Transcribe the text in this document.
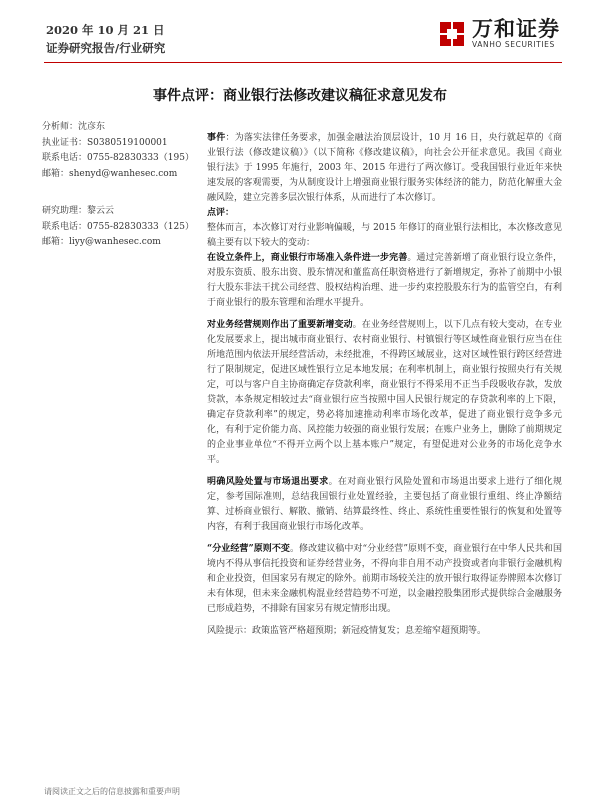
2020 年 10 月 21 日
证券研究报告/行业研究
万和证券
VANHO SECURITIES
事件点评：商业银行法修改建议稿征求意见发布
分析师：沈彦东
执业证书：S0380519100001
联系电话：0755-82830333（195）
邮箱：shenyd@wanhesec.com
研究助理：黎云云
联系电话：0755-82830333（125）
邮箱：liyy@wanhesec.com

事件：为落实法律任务要求，加强金融法治顶层设计，10 月 16 日，央行就起草的《商业银行法（修改建议稿）》（以下简称《修改建议稿》，向社会公开征求意见。我国《商业银行法》于 1995 年施行，2003 年、2015 年进行了两次修订。受我国银行业近年来快速发展的客观需要，为从制度设计上增强商业银行服务实体经济的能力，防范化解重大金融风险，建立完善多层次银行体系，从而进行了本次修订。

点评：

整体而言，本次修订对行业影响偏暖，与 2015 年修订的商业银行法相比，本次修改意见稿主要有以下较大的变动：

在设立条件上，商业银行市场准入条件进一步完善。通过完善新增了商业银行设立条件，对股东资质、股东出资、股东情况和董监高任职资格进行了新增规定，弥补了前期中小银行大股东非法干扰公司经营、股权结构治理、进一步约束控股股东行为的监管空白，有利于商业银行的股东管理和治理水平提升。

对业务经营规则作出了重要新增变动。在业务经营规则上，以下几点有较大变动，在专业化发展要求上，提出城市商业银行、农村商业银行、村镇银行等区域性商业银行应当在住所地范围内依法开展经营活动，未经批准，不得跨区域展业，这对区域性银行跨区经营进行了限制规定，促进区域性银行立足本地发展；在利率机制上，商业银行按照央行有关规定，可以与客户自主协商确定存贷款利率，商业银行不得采用不正当手段吸收存款，发放贷款，本条规定相较过去“商业银行应当按照中国人民银行规定的存贷款利率的上下限，确定存贷款利率”的规定，势必将加速推动利率市场化改革，促进了商业银行竞争多元化，有利于定价能力高、风控能力较强的商业银行发展；在账户业务上，删除了前期规定的企业事业单位“不得开立两个以上基本账户”规定，有望促进对公业务的市场化竞争水平。

明确风险处置与市场退出要求。在对商业银行风险处置和市场退出要求上进行了细化规定，参考国际准则，总结我国银行业处置经验，主要包括了商业银行重组、终止净额结算、过桥商业银行、解散、撤销、结算最终性、终止、系统性重要性银行的恢复和处置等内容，有利于我国商业银行市场化改革。

“分业经营”原则不变。修改建议稿中对“分业经营”原则不变，商业银行在中华人民共和国境内不得从事信托投资和证券经营业务，不得向非自用不动产投资或者向非银行金融机构和企业投资，但国家另有规定的除外。前期市场较关注的放开银行取得证券牌照本次修订未有体现，但未来金融机构混业经营趋势不可逆，以金融控股集团形式提供综合金融服务已形成趋势，不排除有国家另有规定情形出现。

风险提示：政策监管严格超预期；新冠疫情复发；息差缩窄超预期等。

请阅读正文之后的信息披露和重要声明
